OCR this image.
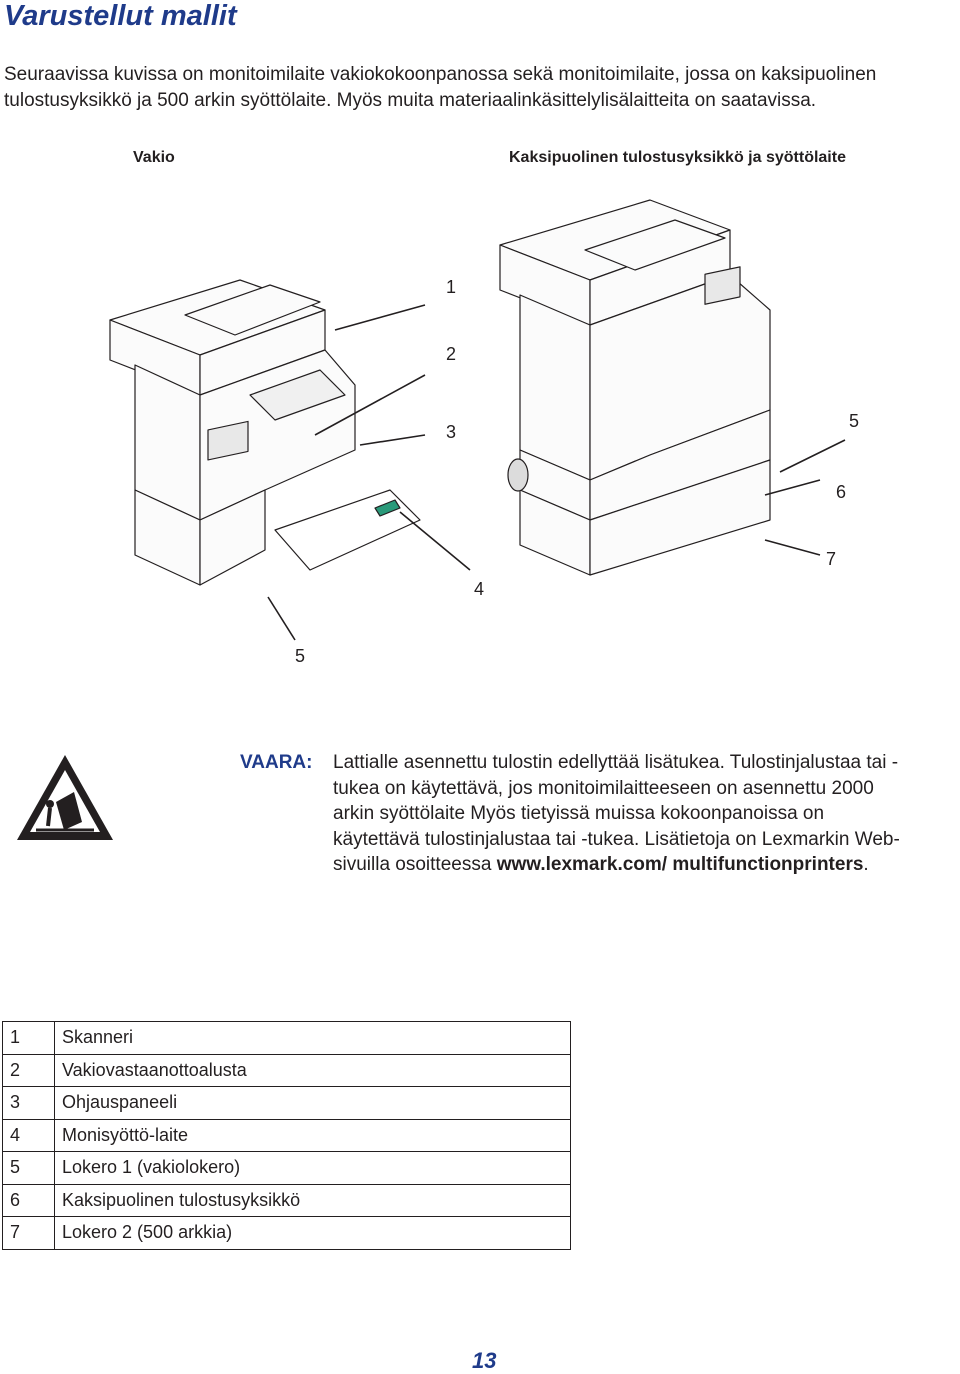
Varustellut mallit
Seuraavissa kuvissa on monitoimilaite vakiokokoonpanossa sekä monitoimilaite, jossa on kaksipuolinen tulostusyksikkö ja 500 arkin syöttölaite. Myös muita materiaalinkäsittelylisälaitteita on saatavissa.
Vakio	Kaksipuolinen tulostusyksikkö ja syöttölaite
1
2
3
4
5
5
6
7
VAARA: Lattialle asennettu tulostin edellyttää lisätukea. Tulostinjalustaa tai -tukea on käytettävä, jos monitoimilaitteeseen on asennettu 2000 arkin syöttölaite Myös tietyissä muissa kokoonpanoissa on käytettävä tulostinjalustaa tai -tukea. Lisätietoja on Lexmarkin Web-sivuilla osoitteessa www.lexmark.com/ multifunctionprinters.
1	Skanneri
2	Vakiovastaanottoalusta
3	Ohjauspaneeli
4	Monisyöttö-laite
5	Lokero 1 (vakiolokero)
6	Kaksipuolinen tulostusyksikkö
7	Lokero 2 (500 arkkia)
13
